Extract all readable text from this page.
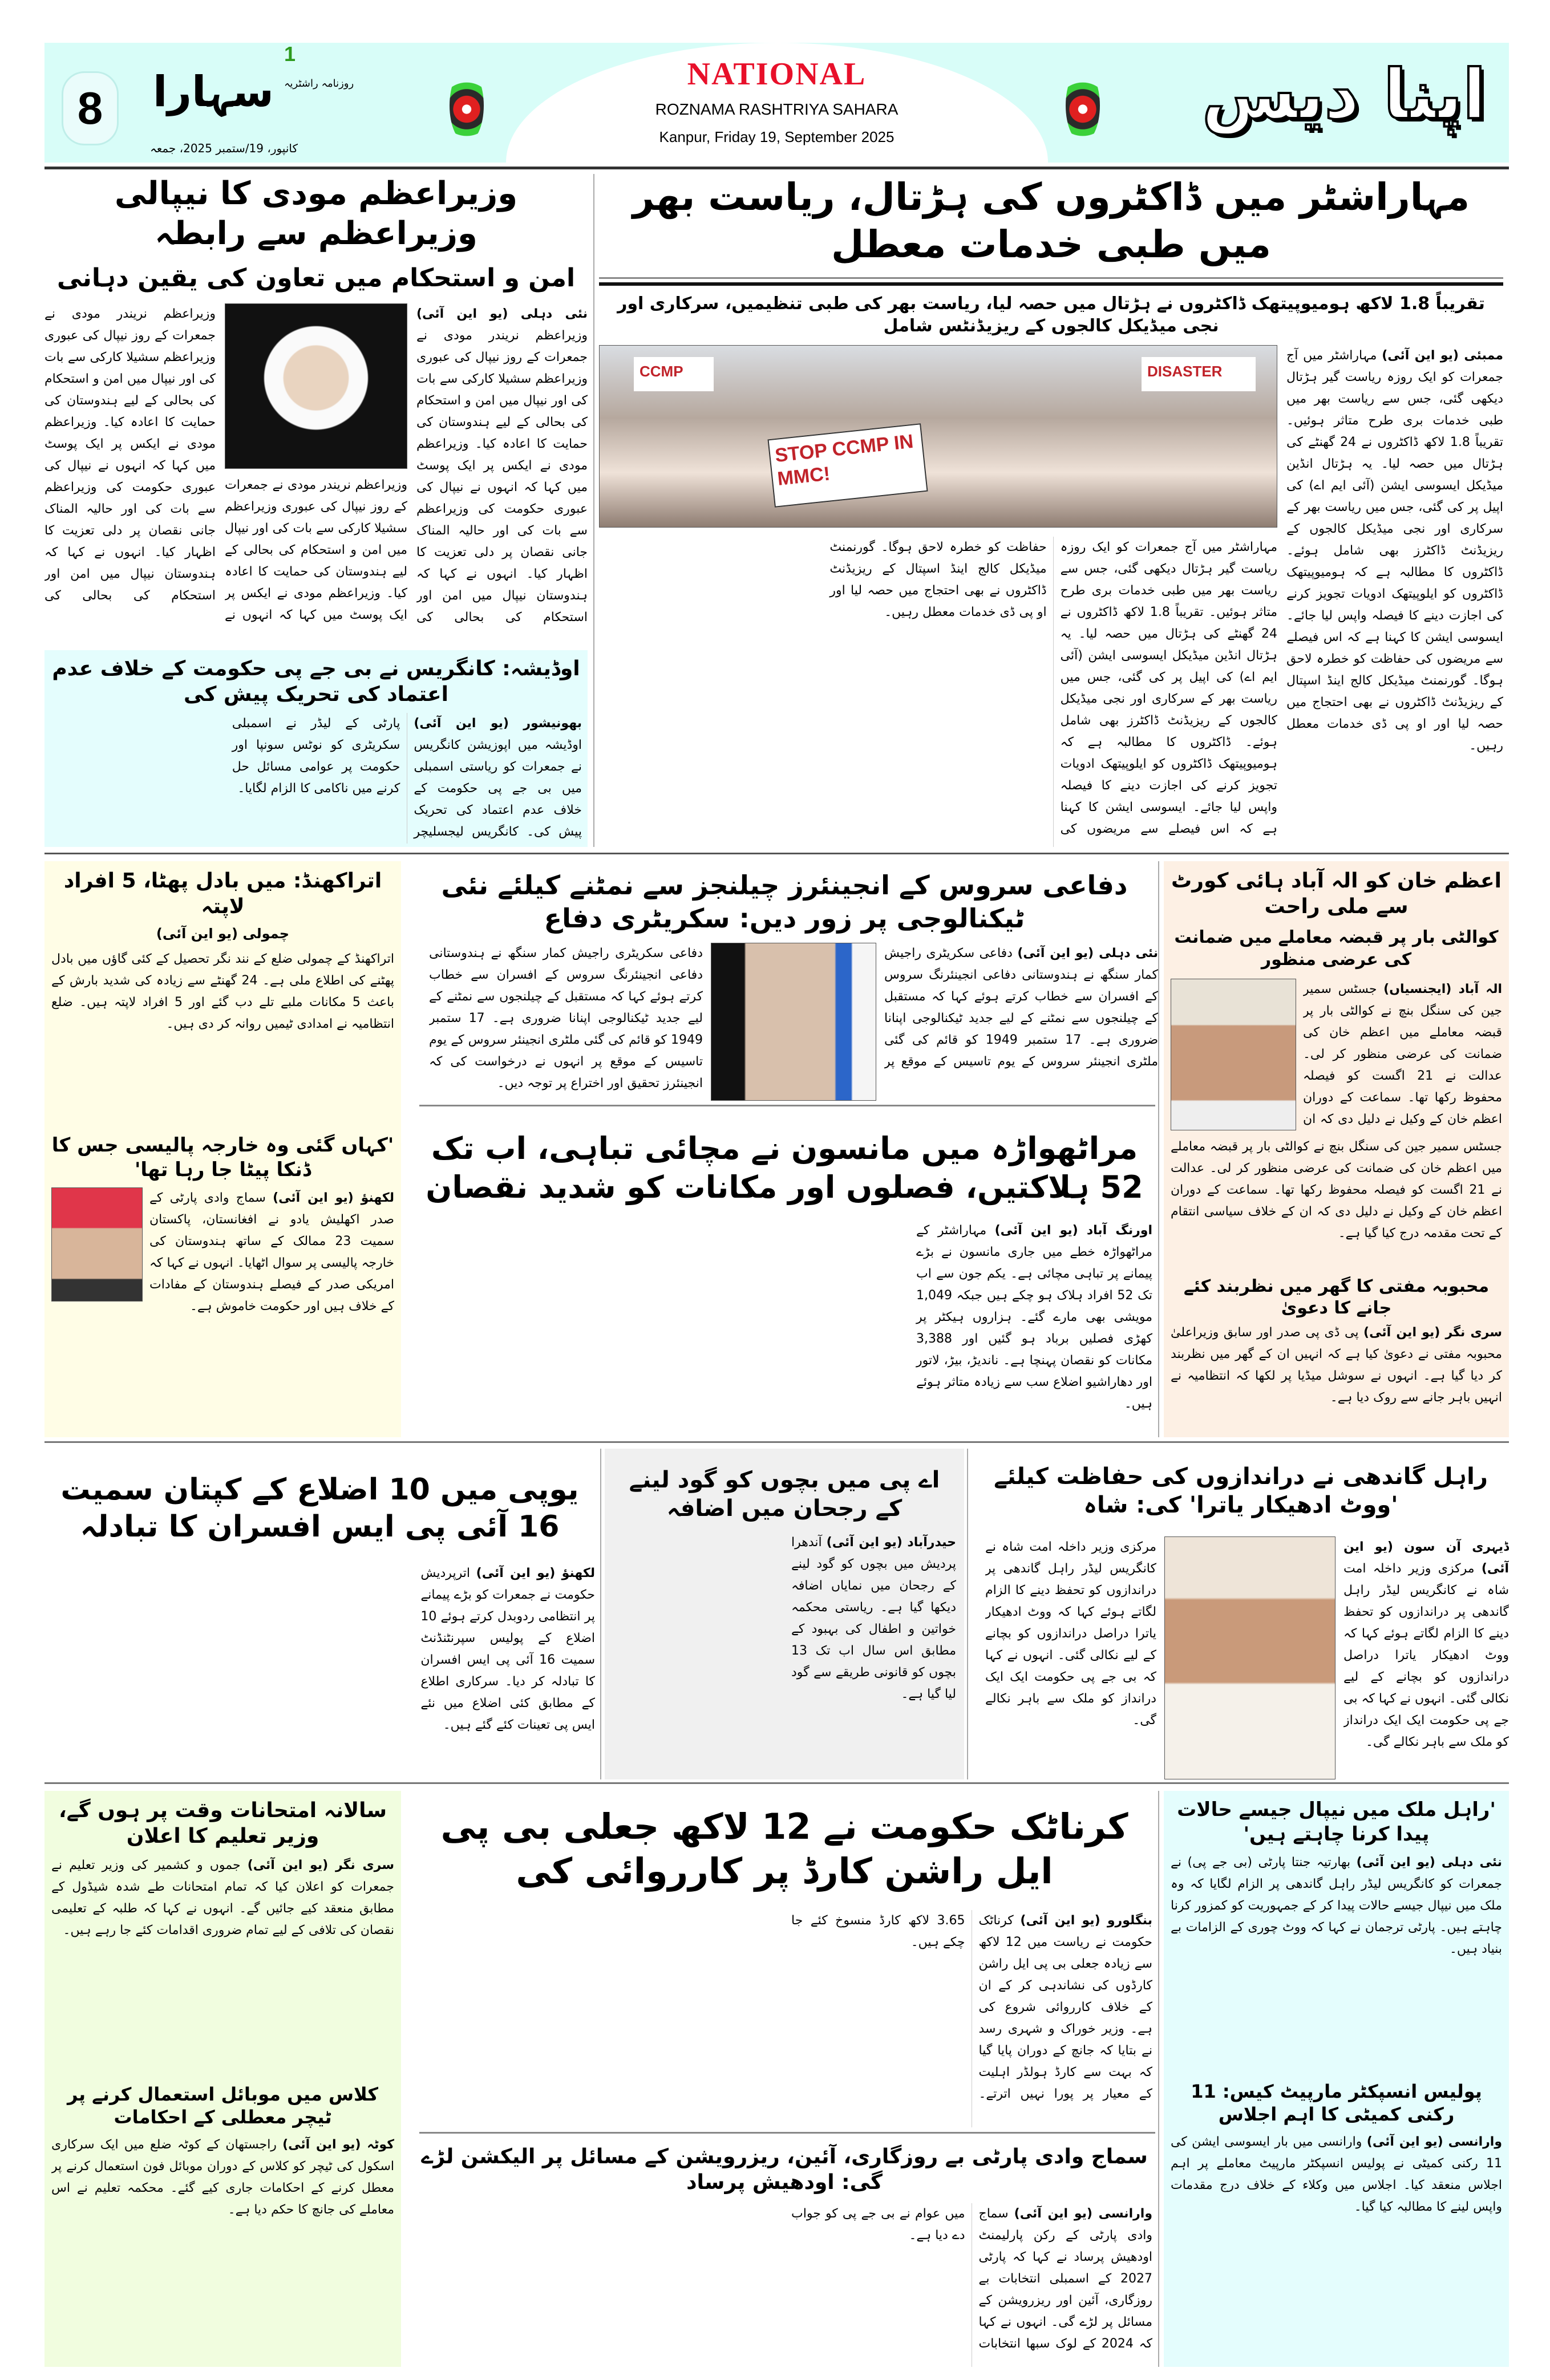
NATIONAL
ROZNAMA RASHTRIYA SAHARA
Kanpur, Friday 19, September 2025
8
1
روزنامہ راشٹریہ
سہارا
کانپور، 19/ستمبر 2025، جمعہ
اپنا دیس
مہاراشٹر میں ڈاکٹروں کی ہڑتال، ریاست بھر میں طبی خدمات معطل
تقریباً 1.8 لاکھ ہومیوپیتھک ڈاکٹروں نے ہڑتال میں حصہ لیا، ریاست بھر کی طبی تنظیمیں، سرکاری اور نجی میڈیکل کالجوں کے ریزیڈنٹس شامل
ممبئی (یو این آئی) مہاراشٹر میں آج جمعرات کو ایک روزہ ریاست گیر ہڑتال دیکھی گئی، جس سے ریاست بھر میں طبی خدمات بری طرح متاثر ہوئیں۔ تقریباً 1.8 لاکھ ڈاکٹروں نے 24 گھنٹے کی ہڑتال میں حصہ لیا۔ یہ ہڑتال انڈین میڈیکل ایسوسی ایشن (آئی ایم اے) کی اپیل پر کی گئی، جس میں ریاست بھر کے سرکاری اور نجی میڈیکل کالجوں کے ریزیڈنٹ ڈاکٹرز بھی شامل ہوئے۔ ڈاکٹروں کا مطالبہ ہے کہ ہومیوپیتھک ڈاکٹروں کو ایلوپیتھک ادویات تجویز کرنے کی اجازت دینے کا فیصلہ واپس لیا جائے۔ ایسوسی ایشن کا کہنا ہے کہ اس فیصلے سے مریضوں کی حفاظت کو خطرہ لاحق ہوگا۔ گورنمنٹ میڈیکل کالج اینڈ اسپتال کے ریزیڈنٹ ڈاکٹروں نے بھی احتجاج میں حصہ لیا اور او پی ڈی خدمات معطل رہیں۔
STOP CCMP IN MMC!
DISASTER
CCMP
مہاراشٹر میں آج جمعرات کو ایک روزہ ریاست گیر ہڑتال دیکھی گئی، جس سے ریاست بھر میں طبی خدمات بری طرح متاثر ہوئیں۔ تقریباً 1.8 لاکھ ڈاکٹروں نے 24 گھنٹے کی ہڑتال میں حصہ لیا۔ یہ ہڑتال انڈین میڈیکل ایسوسی ایشن (آئی ایم اے) کی اپیل پر کی گئی، جس میں ریاست بھر کے سرکاری اور نجی میڈیکل کالجوں کے ریزیڈنٹ ڈاکٹرز بھی شامل ہوئے۔ ڈاکٹروں کا مطالبہ ہے کہ ہومیوپیتھک ڈاکٹروں کو ایلوپیتھک ادویات تجویز کرنے کی اجازت دینے کا فیصلہ واپس لیا جائے۔ ایسوسی ایشن کا کہنا ہے کہ اس فیصلے سے مریضوں کی حفاظت کو خطرہ لاحق ہوگا۔ گورنمنٹ میڈیکل کالج اینڈ اسپتال کے ریزیڈنٹ ڈاکٹروں نے بھی احتجاج میں حصہ لیا اور او پی ڈی خدمات معطل رہیں۔
وزیراعظم مودی کا نیپالی وزیراعظم سے رابطہ
امن و استحکام میں تعاون کی یقین دہانی
نئی دہلی (یو این آئی) وزیراعظم نریندر مودی نے جمعرات کے روز نیپال کی عبوری وزیراعظم سشیلا کارکی سے بات کی اور نیپال میں امن و استحکام کی بحالی کے لیے ہندوستان کی حمایت کا اعادہ کیا۔ وزیراعظم مودی نے ایکس پر ایک پوسٹ میں کہا کہ انہوں نے نیپال کی عبوری حکومت کی وزیراعظم سے بات کی اور حالیہ المناک جانی نقصان پر دلی تعزیت کا اظہار کیا۔ انہوں نے کہا کہ ہندوستان نیپال میں امن اور استحکام کی بحالی کی
وزیراعظم نریندر مودی نے جمعرات کے روز نیپال کی عبوری وزیراعظم سشیلا کارکی سے بات کی اور نیپال میں امن و استحکام کی بحالی کے لیے ہندوستان کی حمایت کا اعادہ کیا۔ وزیراعظم مودی نے ایکس پر ایک پوسٹ میں کہا کہ انہوں نے
وزیراعظم نریندر مودی نے جمعرات کے روز نیپال کی عبوری وزیراعظم سشیلا کارکی سے بات کی اور نیپال میں امن و استحکام کی بحالی کے لیے ہندوستان کی حمایت کا اعادہ کیا۔ وزیراعظم مودی نے ایکس پر ایک پوسٹ میں کہا کہ انہوں نے نیپال کی عبوری حکومت کی وزیراعظم سے بات کی اور حالیہ المناک جانی نقصان پر دلی تعزیت کا اظہار کیا۔ انہوں نے کہا کہ ہندوستان نیپال میں امن اور استحکام کی بحالی کی
اوڈیشہ: کانگریس نے بی جے پی حکومت کے خلاف عدم اعتماد کی تحریک پیش کی
بھونیشور (یو این آئی) اوڈیشہ میں اپوزیشن کانگریس نے جمعرات کو ریاستی اسمبلی میں بی جے پی حکومت کے خلاف عدم اعتماد کی تحریک پیش کی۔ کانگریس لیجسلیچر پارٹی کے لیڈر نے اسمبلی سکریٹری کو نوٹس سونپا اور حکومت پر عوامی مسائل حل کرنے میں ناکامی کا الزام لگایا۔
اتراکھنڈ: میں بادل پھٹا، 5 افراد لاپتہ
چمولی (یو این آئی)
اتراکھنڈ کے چمولی ضلع کے نند نگر تحصیل کے کئی گاؤں میں بادل پھٹنے کی اطلاع ملی ہے۔ 24 گھنٹے سے زیادہ کی شدید بارش کے باعث 5 مکانات ملبے تلے دب گئے اور 5 افراد لاپتہ ہیں۔ ضلع انتظامیہ نے امدادی ٹیمیں روانہ کر دی ہیں۔
'کہاں گئی وہ خارجہ پالیسی جس کا ڈنکا پیٹا جا رہا تھا'
لکھنؤ (یو این آئی) سماج وادی پارٹی کے صدر اکھلیش یادو نے افغانستان، پاکستان سمیت 23 ممالک کے ساتھ ہندوستان کی خارجہ پالیسی پر سوال اٹھایا۔ انہوں نے کہا کہ امریکی صدر کے فیصلے ہندوستان کے مفادات کے خلاف ہیں اور حکومت خاموش ہے۔
دفاعی سروس کے انجینئرز چیلنجز سے نمٹنے کیلئے نئی ٹیکنالوجی پر زور دیں: سکریٹری دفاع
نئی دہلی (یو این آئی) دفاعی سکریٹری راجیش کمار سنگھ نے ہندوستانی دفاعی انجینئرنگ سروس کے افسران سے خطاب کرتے ہوئے کہا کہ مستقبل کے چیلنجوں سے نمٹنے کے لیے جدید ٹیکنالوجی اپنانا ضروری ہے۔ 17 ستمبر 1949 کو قائم کی گئی ملٹری انجینئر سروس کے یوم تاسیس کے موقع پر
دفاعی سکریٹری راجیش کمار سنگھ نے ہندوستانی دفاعی انجینئرنگ سروس کے افسران سے خطاب کرتے ہوئے کہا کہ مستقبل کے چیلنجوں سے نمٹنے کے لیے جدید ٹیکنالوجی اپنانا ضروری ہے۔ 17 ستمبر 1949 کو قائم کی گئی ملٹری انجینئر سروس کے یوم تاسیس کے موقع پر انہوں نے درخواست کی کہ انجینئرز تحقیق اور اختراع پر توجہ دیں۔
مراٹھواڑہ میں مانسون نے مچائی تباہی، اب تک 52 ہلاکتیں، فصلوں اور مکانات کو شدید نقصان
اورنگ آباد (یو این آئی) مہاراشٹر کے مراٹھواڑہ خطے میں جاری مانسون نے بڑے پیمانے پر تباہی مچائی ہے۔ یکم جون سے اب تک 52 افراد ہلاک ہو چکے ہیں جبکہ 1,049 مویشی بھی مارے گئے۔ ہزاروں ہیکٹر پر کھڑی فصلیں برباد ہو گئیں اور 3,388 مکانات کو نقصان پہنچا ہے۔ ناندیڑ، بیڑ، لاتور اور دھاراشیو اضلاع سب سے زیادہ متاثر ہوئے ہیں۔
اعظم خان کو الہ آباد ہائی کورٹ سے ملی راحت
کوالٹی بار پر قبضہ معاملے میں ضمانت کی عرضی منظور
الہ آباد (ایجنسیاں) جسٹس سمیر جین کی سنگل بنچ نے کوالٹی بار پر قبضہ معاملے میں اعظم خان کی ضمانت کی عرضی منظور کر لی۔ عدالت نے 21 اگست کو فیصلہ محفوظ رکھا تھا۔ سماعت کے دوران اعظم خان کے وکیل نے دلیل دی کہ ان
جسٹس سمیر جین کی سنگل بنچ نے کوالٹی بار پر قبضہ معاملے میں اعظم خان کی ضمانت کی عرضی منظور کر لی۔ عدالت نے 21 اگست کو فیصلہ محفوظ رکھا تھا۔ سماعت کے دوران اعظم خان کے وکیل نے دلیل دی کہ ان کے خلاف سیاسی انتقام کے تحت مقدمہ درج کیا گیا ہے۔
محبوبہ مفتی کا گھر میں نظربند کئے جانے کا دعویٰ
سری نگر (یو این آئی) پی ڈی پی صدر اور سابق وزیراعلیٰ محبوبہ مفتی نے دعویٰ کیا ہے کہ انہیں ان کے گھر میں نظربند کر دیا گیا ہے۔ انہوں نے سوشل میڈیا پر لکھا کہ انتظامیہ نے انہیں باہر جانے سے روک دیا ہے۔
یوپی میں 10 اضلاع کے کپتان سمیت 16 آئی پی ایس افسران کا تبادلہ
لکھنؤ (یو این آئی) اترپردیش حکومت نے جمعرات کو بڑے پیمانے پر انتظامی ردوبدل کرتے ہوئے 10 اضلاع کے پولیس سپرنٹنڈنٹ سمیت 16 آئی پی ایس افسران کا تبادلہ کر دیا۔ سرکاری اطلاع کے مطابق کئی اضلاع میں نئے ایس پی تعینات کئے گئے ہیں۔
اے پی میں بچوں کو گود لینے کے رجحان میں اضافہ
حیدرآباد (یو این آئی) آندھرا پردیش میں بچوں کو گود لینے کے رجحان میں نمایاں اضافہ دیکھا گیا ہے۔ ریاستی محکمہ خواتین و اطفال کی بہبود کے مطابق اس سال اب تک 13 بچوں کو قانونی طریقے سے گود لیا گیا ہے۔
راہل گاندھی نے دراندازوں کی حفاظت کیلئے 'ووٹ ادھیکار یاترا' کی: شاہ
ڈیہری آن سون (یو این آئی) مرکزی وزیر داخلہ امت شاہ نے کانگریس لیڈر راہل گاندھی پر دراندازوں کو تحفظ دینے کا الزام لگاتے ہوئے کہا کہ ووٹ ادھیکار یاترا دراصل دراندازوں کو بچانے کے لیے نکالی گئی۔ انہوں نے کہا کہ بی جے پی حکومت ایک ایک درانداز کو ملک سے باہر نکالے گی۔
مرکزی وزیر داخلہ امت شاہ نے کانگریس لیڈر راہل گاندھی پر دراندازوں کو تحفظ دینے کا الزام لگاتے ہوئے کہا کہ ووٹ ادھیکار یاترا دراصل دراندازوں کو بچانے کے لیے نکالی گئی۔ انہوں نے کہا کہ بی جے پی حکومت ایک ایک درانداز کو ملک سے باہر نکالے گی۔
سالانہ امتحانات وقت پر ہوں گے، وزیر تعلیم کا اعلان
سری نگر (یو این آئی) جموں و کشمیر کی وزیر تعلیم نے جمعرات کو اعلان کیا کہ تمام امتحانات طے شدہ شیڈول کے مطابق منعقد کیے جائیں گے۔ انہوں نے کہا کہ طلبہ کے تعلیمی نقصان کی تلافی کے لیے تمام ضروری اقدامات کئے جا رہے ہیں۔
کلاس میں موبائل استعمال کرنے پر ٹیچر معطلی کے احکامات
کوٹہ (یو این آئی) راجستھان کے کوٹہ ضلع میں ایک سرکاری اسکول کی ٹیچر کو کلاس کے دوران موبائل فون استعمال کرنے پر معطل کرنے کے احکامات جاری کیے گئے۔ محکمہ تعلیم نے اس معاملے کی جانچ کا حکم دیا ہے۔
کرناٹک حکومت نے 12 لاکھ جعلی بی پی ایل راشن کارڈ پر کارروائی کی
بنگلورو (یو این آئی) کرناٹک حکومت نے ریاست میں 12 لاکھ سے زیادہ جعلی بی پی ایل راشن کارڈوں کی نشاندہی کر کے ان کے خلاف کارروائی شروع کی ہے۔ وزیر خوراک و شہری رسد نے بتایا کہ جانچ کے دوران پایا گیا کہ بہت سے کارڈ ہولڈر اہلیت کے معیار پر پورا نہیں اترتے۔ 3.65 لاکھ کارڈ منسوخ کئے جا چکے ہیں۔
سماج وادی پارٹی بے روزگاری، آئین، ریزرویشن کے مسائل پر الیکشن لڑے گی: اودھیش پرساد
وارانسی (یو این آئی) سماج وادی پارٹی کے رکن پارلیمنٹ اودھیش پرساد نے کہا کہ پارٹی 2027 کے اسمبلی انتخابات بے روزگاری، آئین اور ریزرویشن کے مسائل پر لڑے گی۔ انہوں نے کہا کہ 2024 کے لوک سبھا انتخابات میں عوام نے بی جے پی کو جواب دے دیا ہے۔
'راہل ملک میں نیپال جیسے حالات پیدا کرنا چاہتے ہیں'
نئی دہلی (یو این آئی) بھارتیہ جنتا پارٹی (بی جے پی) نے جمعرات کو کانگریس لیڈر راہل گاندھی پر الزام لگایا کہ وہ ملک میں نیپال جیسے حالات پیدا کر کے جمہوریت کو کمزور کرنا چاہتے ہیں۔ پارٹی ترجمان نے کہا کہ ووٹ چوری کے الزامات بے بنیاد ہیں۔
پولیس انسپکٹر مارپیٹ کیس: 11 رکنی کمیٹی کا اہم اجلاس
وارانسی (یو این آئی) وارانسی میں بار ایسوسی ایشن کی 11 رکنی کمیٹی نے پولیس انسپکٹر مارپیٹ معاملے پر اہم اجلاس منعقد کیا۔ اجلاس میں وکلاء کے خلاف درج مقدمات واپس لینے کا مطالبہ کیا گیا۔
